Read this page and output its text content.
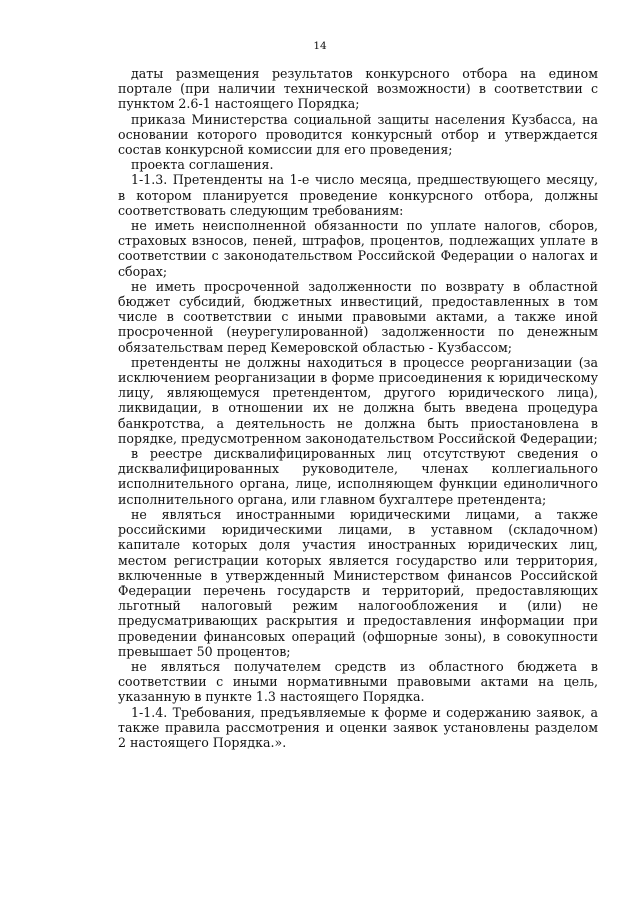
14

даты размещения результатов конкурсного отбора на едином портале (при наличии технической возможности) в соответствии с пунктом 2.6-1 настоящего Порядка;

приказа Министерства социальной защиты населения Кузбасса, на основании которого проводится конкурсный отбор и утверждается состав конкурсной комиссии для его проведения;

проекта соглашения.

1-1.3. Претенденты на 1-е число месяца, предшествующего месяцу, в котором планируется проведение конкурсного отбора, должны соответствовать следующим требованиям:

не иметь неисполненной обязанности по уплате налогов, сборов, страховых взносов, пеней, штрафов, процентов, подлежащих уплате в соответствии с законодательством Российской Федерации о налогах и сборах;

не иметь просроченной задолженности по возврату в областной бюджет субсидий, бюджетных инвестиций, предоставленных в том числе в соответствии с иными правовыми актами, а также иной просроченной (неурегулированной) задолженности по денежным обязательствам перед Кемеровской областью - Кузбассом;

претенденты не должны находиться в процессе реорганизации (за исключением реорганизации в форме присоединения к юридическому лицу, являющемуся претендентом, другого юридического лица), ликвидации, в отношении их не должна быть введена процедура банкротства, а деятельность не должна быть приостановлена в порядке, предусмотренном законодательством Российской Федерации;

в реестре дисквалифицированных лиц отсутствуют сведения о дисквалифицированных руководителе, членах коллегиального исполнительного органа, лице, исполняющем функции единоличного исполнительного органа, или главном бухгалтере претендента;

не являться иностранными юридическими лицами, а также российскими юридическими лицами, в уставном (складочном) капитале которых доля участия иностранных юридических лиц, местом регистрации которых является государство или территория, включенные в утвержденный Министерством финансов Российской Федерации перечень государств и территорий, предоставляющих льготный налоговый режим налогообложения и (или) не предусматривающих раскрытия и предоставления информации при проведении финансовых операций (офшорные зоны), в совокупности превышает 50 процентов;

не являться получателем средств из областного бюджета в соответствии с иными нормативными правовыми актами на цель, указанную в пункте 1.3 настоящего Порядка.

1-1.4. Требования, предъявляемые к форме и содержанию заявок, а также правила рассмотрения и оценки заявок установлены разделом 2 настоящего Порядка.».
